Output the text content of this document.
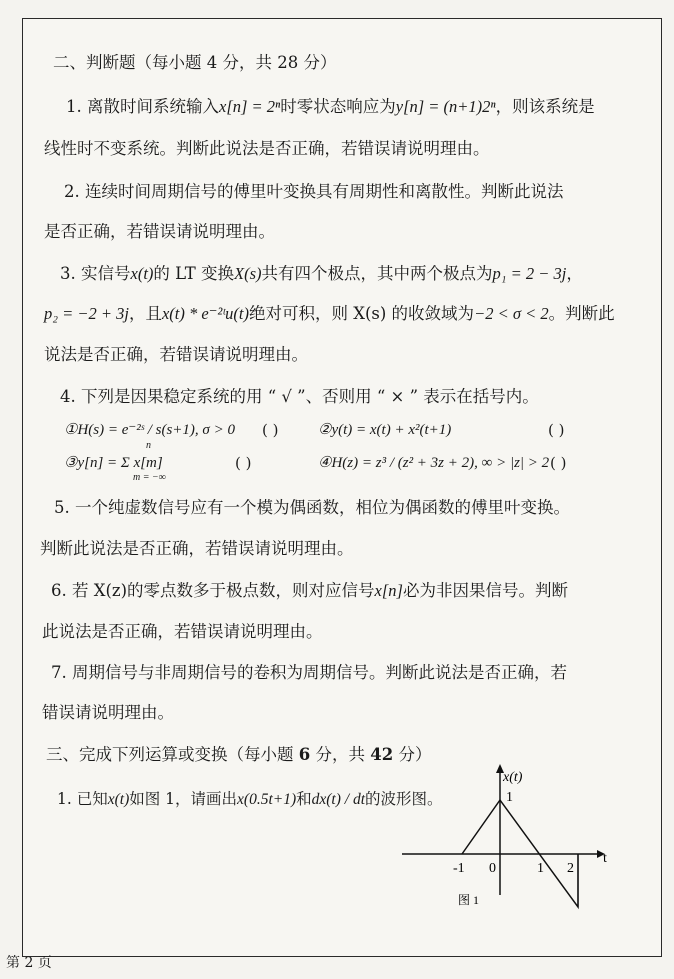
二、判断题（每小题 4 分，共 28 分）
1. 离散时间系统输入x[n] = 2ⁿ时零状态响应为y[n] = (n+1)2ⁿ，则该系统是
线性时不变系统。判断此说法是否正确，若错误请说明理由。
2. 连续时间周期信号的傅里叶变换具有周期性和离散性。判断此说法
是否正确，若错误请说明理由。
3. 实信号x(t)的 LT 变换X(s)共有四个极点，其中两个极点为p₁ = 2 − 3j，
p₂ = −2 + 3j，且x(t) * e⁻²ᵗu(t)绝对可积，则 X(s) 的收敛域为−2 < σ < 2。判断此
说法是否正确，若错误请说明理由。
4. 下列是因果稳定系统的用 “ √ ”、否则用 “ × ” 表示在括号内。
①H(s) = e⁻²ˢ / s(s+1), σ > 0 ( )	②y(t) = x(t) + x²(t+1)	( )
③y[n] = Σ x[m]
n
m = −∞
( )	④H(z) = z³ / (z² + 3z + 2), ∞ > |z| > 2 ( )
5. 一个纯虚数信号应有一个模为偶函数，相位为偶函数的傅里叶变换。
判断此说法是否正确，若错误请说明理由。
6. 若 X(z)的零点数多于极点数，则对应信号x[n]必为非因果信号。判断
此说法是否正确，若错误请说明理由。
7. 周期信号与非周期信号的卷积为周期信号。判断此说法是否正确，若
错误请说明理由。
三、完成下列运算或变换（每小题 6 分，共 42 分）
1. 已知x(t)如图 1，请画出x(0.5t+1)和dx(t) / dt的波形图。
x(t)
t
1
-1 0	1 2
图 1
第 2 页
